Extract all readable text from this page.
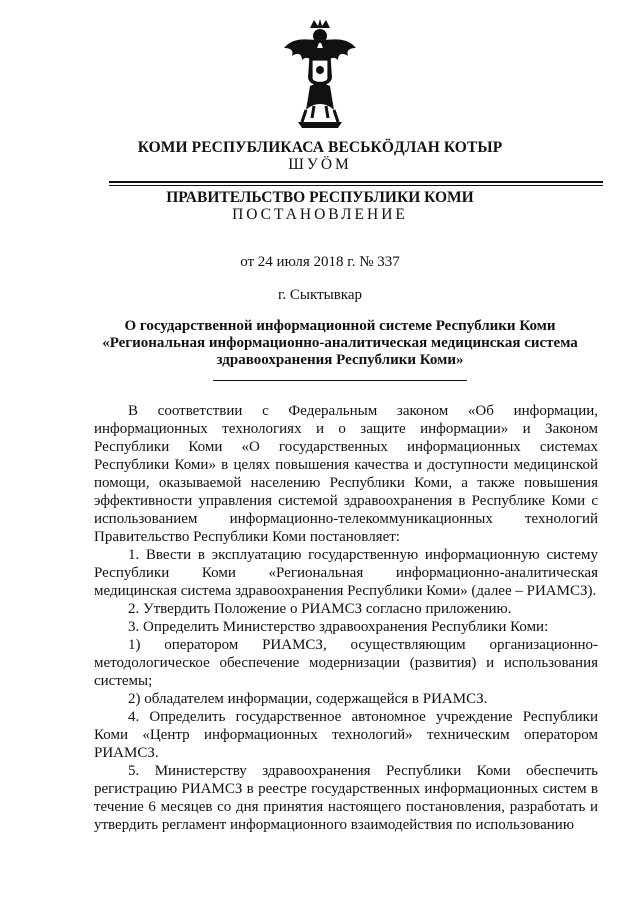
КОМИ РЕСПУБЛИКАСА ВЕСЬКӦДЛАН КОТЫР
ШУӦМ
ПРАВИТЕЛЬСТВО РЕСПУБЛИКИ КОМИ
ПОСТАНОВЛЕНИЕ
от 24 июля 2018 г. № 337
г. Сыктывкар
О государственной информационной системе Республики Коми
«Региональная информационно-аналитическая медицинская система
здравоохранения Республики Коми»

В соответствии с Федеральным законом «Об информации, информационных технологиях и о защите информации» и Законом Республики Коми «О государственных информационных системах Республики Коми» в целях повышения качества и доступности медицинской помощи, оказываемой населению Республики Коми, а также повышения эффективности управления системой здравоохранения в Республике Коми с использованием информационно-телекоммуникационных технологий Правительство Республики Коми постановляет:

1. Ввести в эксплуатацию государственную информационную систему Республики Коми «Региональная информационно-аналитическая медицинская система здравоохранения Республики Коми» (далее – РИАМСЗ).

2. Утвердить Положение о РИАМСЗ согласно приложению.

3. Определить Министерство здравоохранения Республики Коми:

1) оператором РИАМСЗ, осуществляющим организационно-методологическое обеспечение модернизации (развития) и использования системы;

2) обладателем информации, содержащейся в РИАМСЗ.

4. Определить государственное автономное учреждение Республики Коми «Центр информационных технологий» техническим оператором РИАМСЗ.

5. Министерству здравоохранения Республики Коми обеспечить регистрацию РИАМСЗ в реестре государственных информационных систем в течение 6 месяцев со дня принятия настоящего постановления, разработать и утвердить регламент информационного взаимодействия по использованию
